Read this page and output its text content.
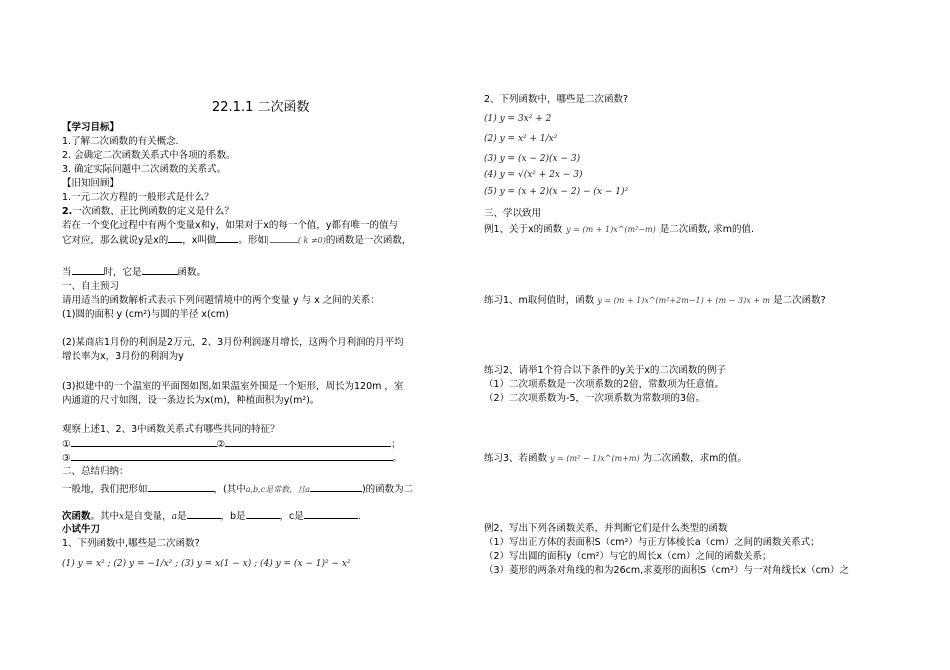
22.1.1 二次函数
【学习目标】
1.了解二次函数的有关概念.
2. 会确定二次函数关系式中各项的系数。
3. 确定实际问题中二次函数的关系式。
【旧知回顾】
1.一元二次方程的一般形式是什么？
2.一次函数、正比例函数的定义是什么？
若在一个变化过程中有两个变量x和y，如果对于x的每一个值，y都有唯一的值与
它对应，那么就说y是x的 ，x叫做 。形如	( k ≠0)的函数是一次函数，
当	时，它是	函数。
一、自主预习
请用适当的函数解析式表示下列问题情境中的两个变量 y 与 x 之间的关系：
(1)圆的面积 y (cm²)与圆的半径 x(cm)
(2)某商店1月份的利润是2万元，2、3月份利润逐月增长，这两个月利润的月平均
增长率为x，3月份的利润为y
(3)拟建中的一个温室的平面图如图,如果温室外围是一个矩形，周长为120m ，室
内通道的尺寸如图，设一条边长为x(m)，种植面积为y(m²)。
观察上述1、2、3中函数关系式有哪些共同的特征？
①	②	；
③	。
二、总结归纳：
一般地，我们把形如	，(其中a,b,c是常数，且a	)的函数为二
次函数。其中x是自变量，a是	，b是	，c是	.
小试牛刀
1、下列函数中,哪些是二次函数?
(1) y = x² ; (2) y = −1/x² ; (3) y = x(1 − x) ; (4) y = (x − 1)² − x²
2、下列函数中，哪些是二次函数?
(1) y = 3x² + 2
(2) y = x² + 1/x²
(3) y = (x − 2)(x − 3)
(4) y = √(x² + 2x − 3)
(5) y = (x + 2)(x − 2) − (x − 1)²
三、学以致用
例1、关于x的函数 y = (m + 1)x^(m²−m) 是二次函数, 求m的值.
练习1、m取何值时，函数 y = (m + 1)x^(m²+2m−1) + (m − 3)x + m 是二次函数?
练习2、请举1个符合以下条件的y关于x的二次函数的例子
（1）二次项系数是一次项系数的2倍，常数项为任意值。
（2）二次项系数为-5，一次项系数为常数项的3倍。
练习3、若函数 y = (m² − 1)x^(m+m) 为二次函数，求m的值。
例2、写出下列各函数关系，并判断它们是什么类型的函数
（1）写出正方体的表面积S（cm²）与正方体棱长a（cm）之间的函数关系式；
（2）写出圆的面积y（cm²）与它的周长x（cm）之间的函数关系；
（3）菱形的两条对角线的和为26cm,求菱形的面积S（cm²）与一对角线长x（cm）之
